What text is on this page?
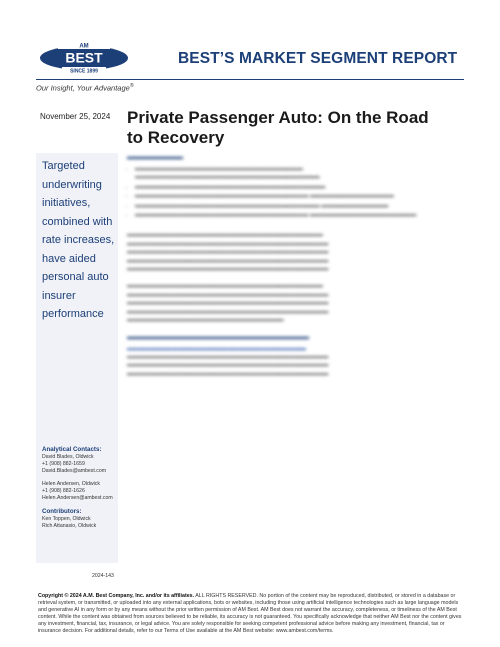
AM
BEST
SINCE 1899
BEST’S MARKET SEGMENT REPORT
Our Insight, Your Advantage®
November 25, 2024 Private Passenger Auto: On the Road to Recovery
Targeted underwriting initiatives, combined with rate increases, have aided personal auto insurer performance
Analytical Contacts:
David Blades, Oldwick
+1 (908) 882-1659
David.Blades@ambest.com
Helen Andersen, Oldwick
+1 (908) 882-1626
Helen.Andersen@ambest.com
Contributors:
Ken Toppen, Oldwick
Rich Attanasio, Oldwick
2024-143
▬▬▬▬▬▬▬▬
• ▬▬▬▬▬▬▬▬▬▬▬▬▬▬▬▬▬▬▬▬▬▬▬▬▬▬▬▬▬▬ ▬▬▬▬▬▬▬▬▬▬▬▬▬▬▬▬▬▬▬▬▬▬▬▬▬▬▬▬▬▬▬▬▬
• ▬▬▬▬▬▬▬▬▬▬▬▬▬▬▬▬▬▬▬▬▬▬▬▬▬▬▬▬▬▬▬▬▬▬
• ▬▬▬▬▬▬▬▬▬▬▬▬▬▬▬▬▬▬▬▬▬▬▬▬▬▬▬▬▬▬▬ ▬▬▬▬▬▬▬▬▬▬▬▬▬▬▬
• ▬▬▬▬▬▬▬▬▬▬▬▬▬▬▬▬▬▬▬▬▬▬▬▬▬▬▬▬▬▬▬▬▬ ▬▬▬▬▬▬▬▬▬▬▬▬
• ▬▬▬▬▬▬▬▬▬▬▬▬▬▬▬▬▬▬▬▬▬▬▬▬▬▬▬▬▬▬▬ ▬▬▬▬▬▬▬▬▬▬▬▬▬▬▬▬▬▬▬

▬▬▬▬▬▬▬▬▬▬▬▬▬▬▬▬▬▬▬▬▬▬▬▬▬▬▬▬▬▬▬▬▬▬▬ ▬▬▬▬▬▬▬▬▬▬▬▬▬▬▬▬▬▬▬▬▬▬▬▬▬▬▬▬▬▬▬▬▬▬▬▬ ▬▬▬▬▬▬▬▬▬▬▬▬▬▬▬▬▬▬▬▬▬▬▬▬▬▬▬▬▬▬▬▬▬▬▬▬ ▬▬▬▬▬▬▬▬▬▬▬▬▬▬▬▬▬▬▬▬▬▬▬▬▬▬▬▬▬▬▬▬▬▬▬▬ ▬▬▬▬▬▬▬▬▬▬▬▬▬▬▬▬▬▬▬▬▬▬▬▬▬▬▬▬▬▬▬▬▬▬▬▬

▬▬▬▬▬▬▬▬▬▬▬▬▬▬▬▬▬▬▬▬▬▬▬▬▬▬▬▬▬▬▬▬▬▬▬ ▬▬▬▬▬▬▬▬▬▬▬▬▬▬▬▬▬▬▬▬▬▬▬▬▬▬▬▬▬▬▬▬▬▬▬▬ ▬▬▬▬▬▬▬▬▬▬▬▬▬▬▬▬▬▬▬▬▬▬▬▬▬▬▬▬▬▬▬▬▬▬▬▬ ▬▬▬▬▬▬▬▬▬▬▬▬▬▬▬▬▬▬▬▬▬▬▬▬▬▬▬▬▬▬▬▬▬▬▬▬ ▬▬▬▬▬▬▬▬▬▬▬▬▬▬▬▬▬▬▬▬▬▬▬▬▬▬▬▬

▬▬▬▬▬▬▬▬▬▬▬▬▬▬▬▬▬▬▬▬▬▬▬▬▬▬

▬▬▬▬▬▬▬▬▬▬▬▬▬▬▬▬▬▬▬▬▬▬▬▬▬▬▬▬▬▬▬▬ ▬▬▬▬▬▬▬▬▬▬▬▬▬▬▬▬▬▬▬▬▬▬▬▬▬▬▬▬▬▬▬▬▬▬▬▬ ▬▬▬▬▬▬▬▬▬▬▬▬▬▬▬▬▬▬▬▬▬▬▬▬▬▬▬▬▬▬▬▬▬▬▬▬ ▬▬▬▬▬▬▬▬▬▬▬▬▬▬▬▬▬▬▬▬▬▬▬▬▬▬▬▬▬▬▬▬▬▬▬▬

Copyright © 2024 A.M. Best Company, Inc. and/or its affiliates. ALL RIGHTS RESERVED. No portion of the content may be reproduced, distributed, or stored in a database or retrieval system, or transmitted, or uploaded into any external applications, bots or websites, including those using artificial intelligence technologies such as large language models and generative AI in any form or by any means without the prior written permission of AM Best. AM Best does not warrant the accuracy, completeness, or timeliness of the AM Best content. While the content was obtained from sources believed to be reliable, its accuracy is not guaranteed. You specifically acknowledge that neither AM Best nor the content gives any investment, financial, tax, insurance, or legal advice. You are solely responsible for seeking competent professional advice before making any investment, financial, tax or insurance decision. For additional details, refer to our Terms of Use available at the AM Best website: www.ambest.com/terms.
